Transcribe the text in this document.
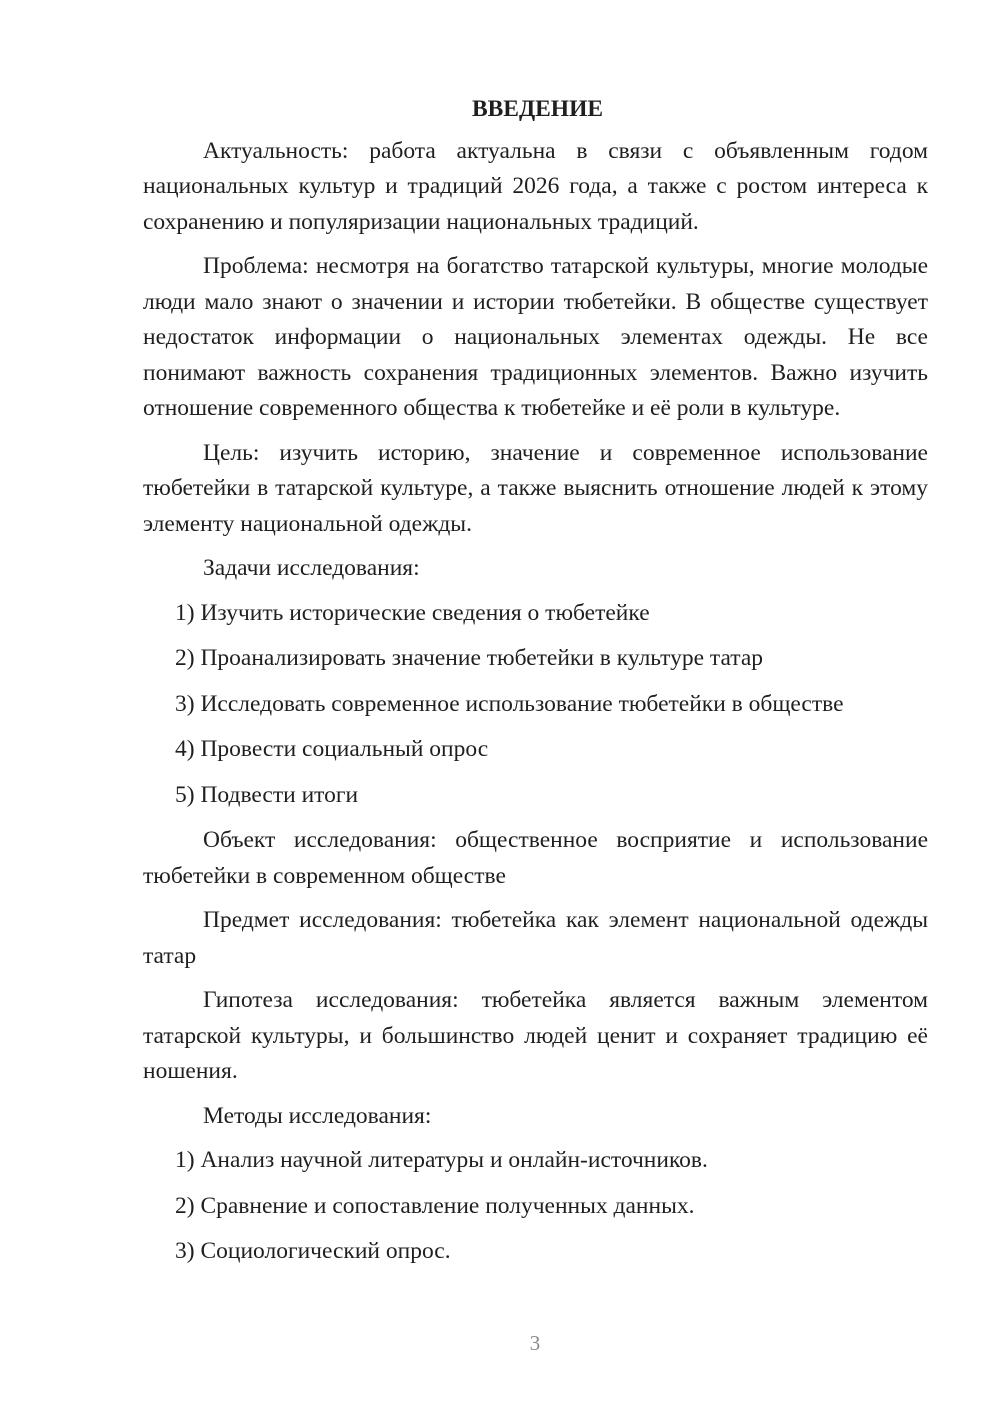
ВВЕДЕНИЕ

Актуальность: работа актуальна в связи с объявленным годом национальных культур и традиций 2026 года, а также с ростом интереса к сохранению и популяризации национальных традиций.

Проблема: несмотря на богатство татарской культуры, многие молодые люди мало знают о значении и истории тюбетейки. В обществе существует недостаток информации о национальных элементах одежды. Не все понимают важность сохранения традиционных элементов. Важно изучить отношение современного общества к тюбетейке и её роли в культуре.

Цель: изучить историю, значение и современное использование тюбетейки в татарской культуре, а также выяснить отношение людей к этому элементу национальной одежды.

Задачи исследования:

1) Изучить исторические сведения о тюбетейке
2) Проанализировать значение тюбетейки в культуре татар
3) Исследовать современное использование тюбетейки в обществе
4) Провести социальный опрос
5) Подвести итоги

Объект исследования: общественное восприятие и использование тюбетейки в современном обществе

Предмет исследования: тюбетейка как элемент национальной одежды татар

Гипотеза исследования: тюбетейка является важным элементом татарской культуры, и большинство людей ценит и сохраняет традицию её ношения.

Методы исследования:

1) Анализ научной литературы и онлайн-источников.
2) Сравнение и сопоставление полученных данных.
3) Социологический опрос.
3
